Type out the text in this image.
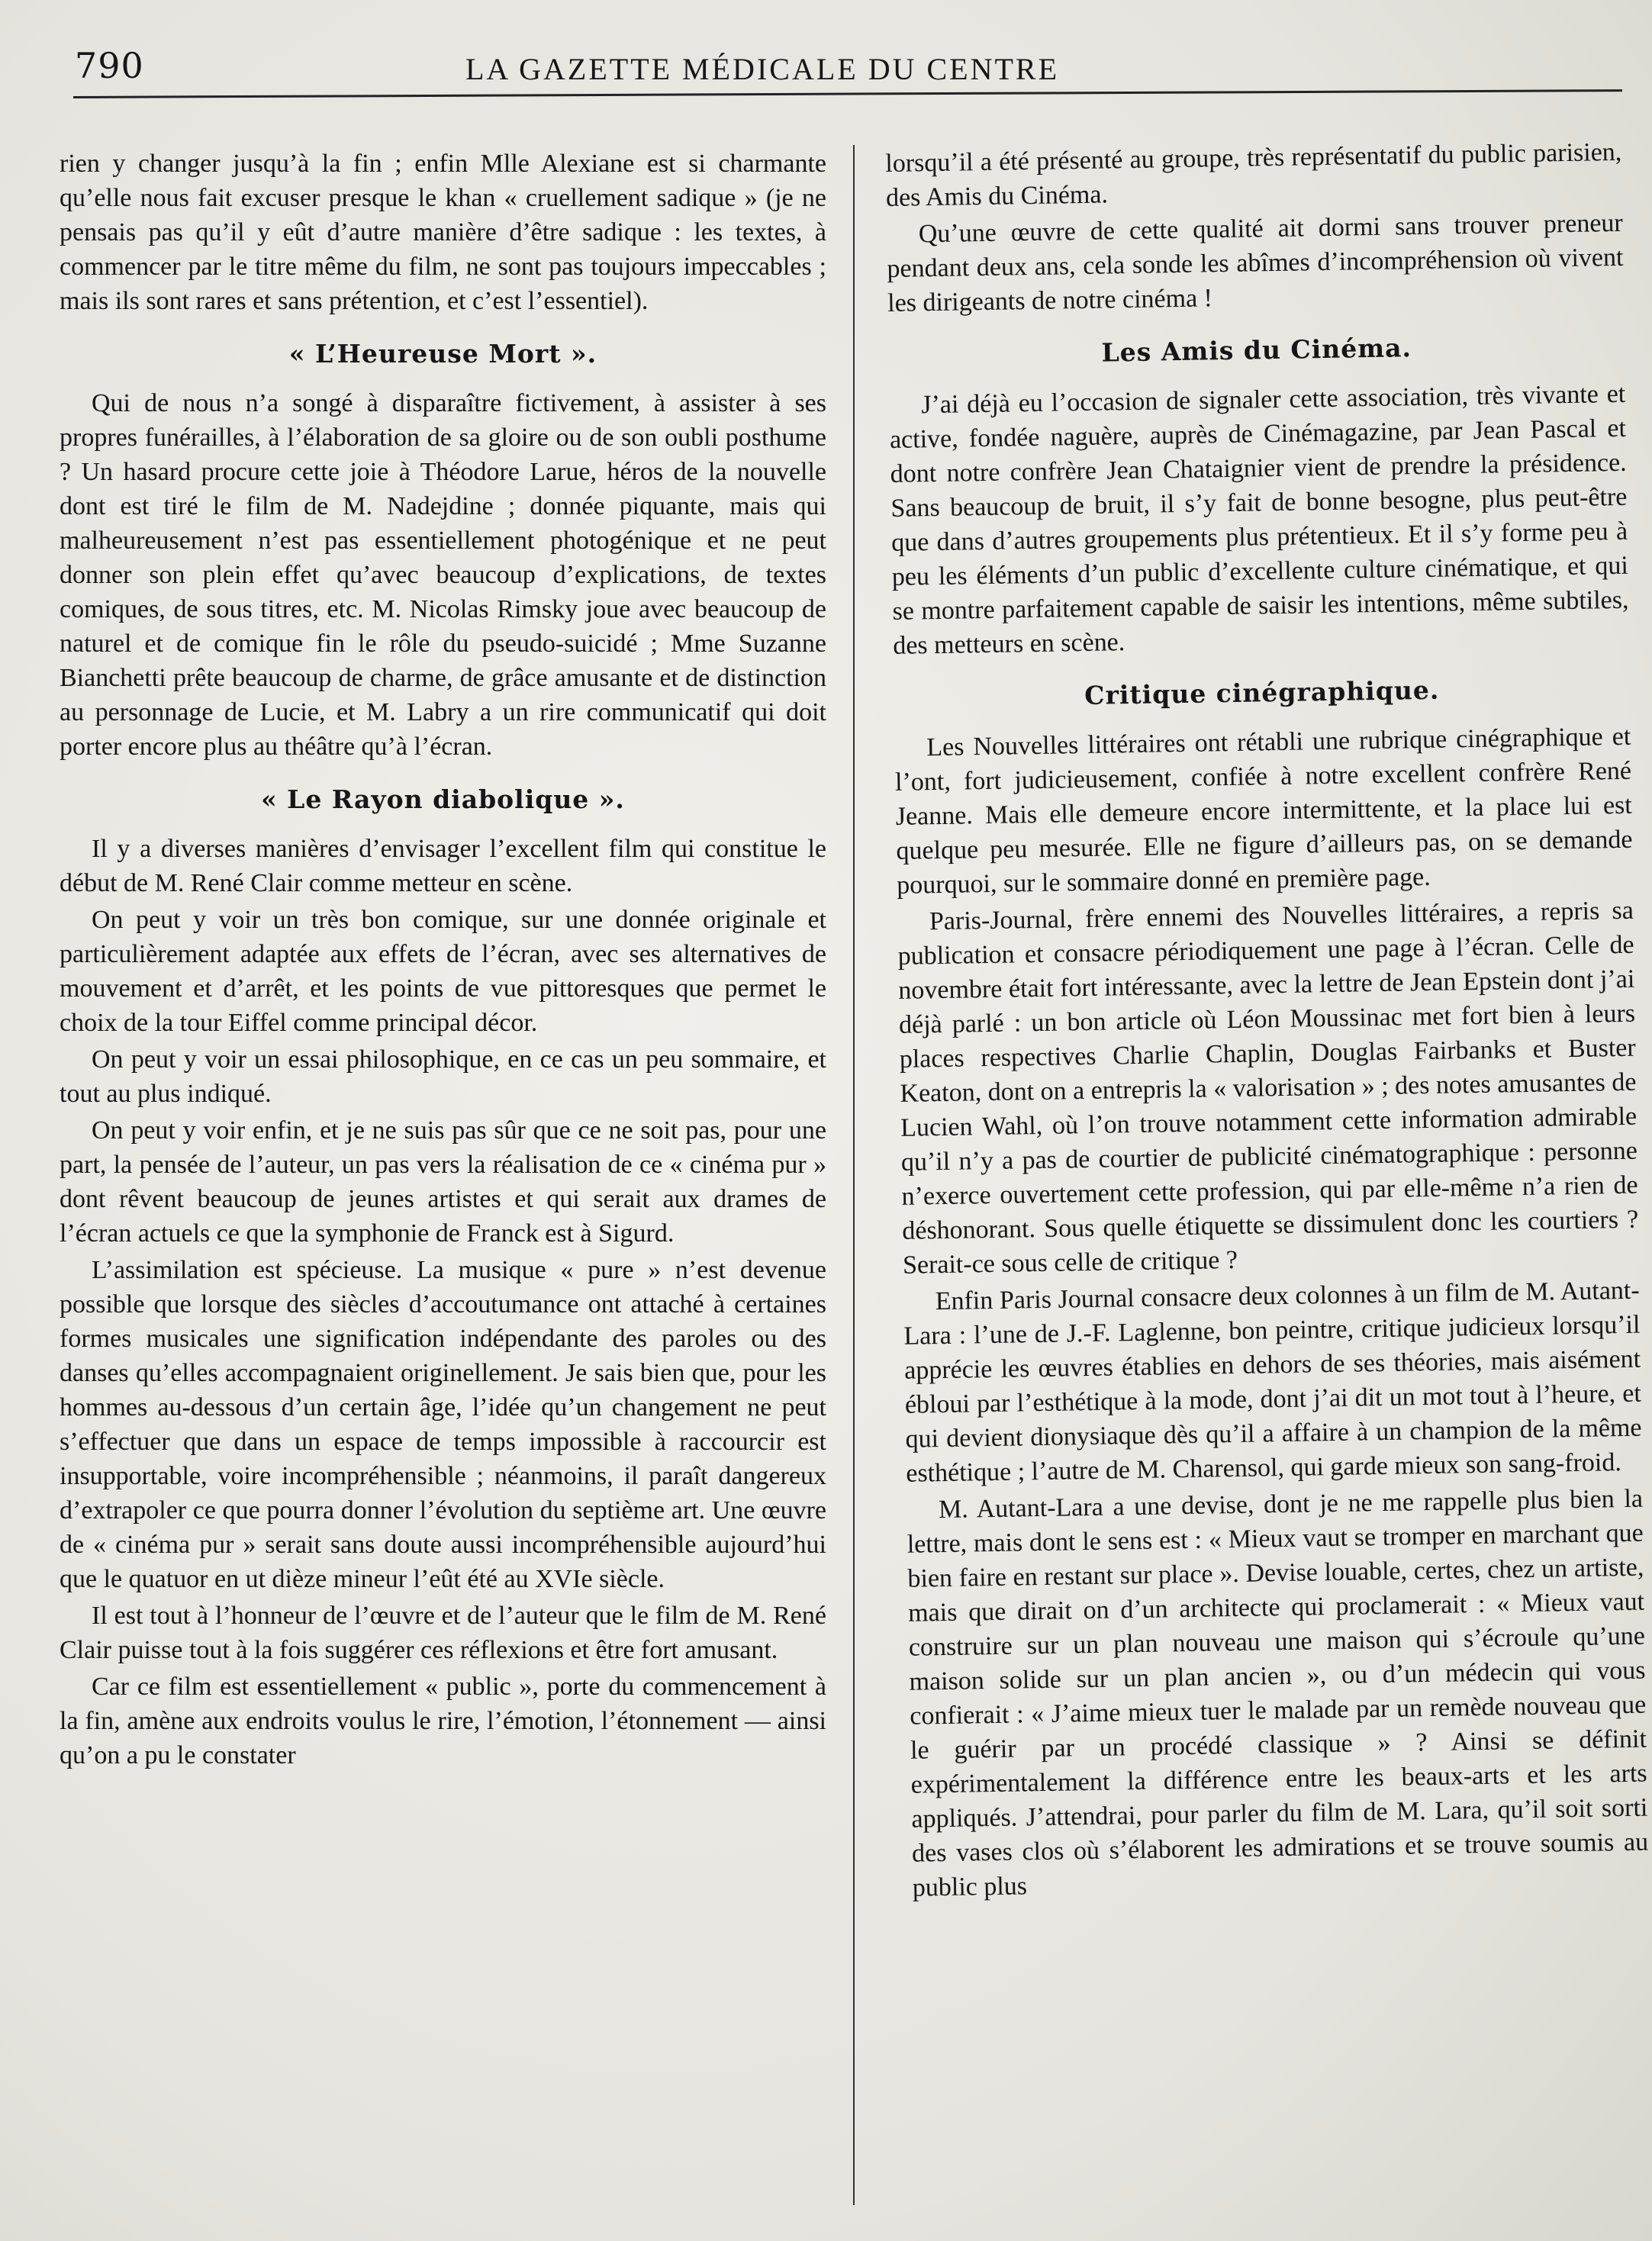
790	LA GAZETTE MÉDICALE DU CENTRE

rien y changer jusqu’à la fin ; enfin Mlle Alexiane est si charmante qu’elle nous fait excuser presque le khan « cruellement sadique » (je ne pensais pas qu’il y eût d’autre manière d’être sadique : les textes, à commencer par le titre même du film, ne sont pas toujours impeccables ; mais ils sont rares et sans prétention, et c’est l’essentiel).

« L’Heureuse Mort ».

Qui de nous n’a songé à disparaître fictivement, à assister à ses propres funérailles, à l’élaboration de sa gloire ou de son oubli posthume ? Un hasard procure cette joie à Théodore Larue, héros de la nouvelle dont est tiré le film de M. Nadejdine ; donnée piquante, mais qui malheureusement n’est pas essentiellement photogénique et ne peut donner son plein effet qu’avec beaucoup d’explications, de textes comiques, de sous titres, etc. M. Nicolas Rimsky joue avec beaucoup de naturel et de comique fin le rôle du pseudo-suicidé ; Mme Suzanne Bianchetti prête beaucoup de charme, de grâce amusante et de distinction au personnage de Lucie, et M. Labry a un rire communicatif qui doit porter encore plus au théâtre qu’à l’écran.

« Le Rayon diabolique ».

Il y a diverses manières d’envisager l’excellent film qui constitue le début de M. René Clair comme metteur en scène.

On peut y voir un très bon comique, sur une donnée originale et particulièrement adaptée aux effets de l’écran, avec ses alternatives de mouvement et d’arrêt, et les points de vue pittoresques que permet le choix de la tour Eiffel comme principal décor.

On peut y voir un essai philosophique, en ce cas un peu sommaire, et tout au plus indiqué.

On peut y voir enfin, et je ne suis pas sûr que ce ne soit pas, pour une part, la pensée de l’auteur, un pas vers la réalisation de ce « cinéma pur » dont rêvent beaucoup de jeunes artistes et qui serait aux drames de l’écran actuels ce que la symphonie de Franck est à Sigurd.

L’assimilation est spécieuse. La musique « pure » n’est devenue possible que lorsque des siècles d’accoutumance ont attaché à certaines formes musicales une signification indépendante des paroles ou des danses qu’elles accompagnaient originellement. Je sais bien que, pour les hommes au-dessous d’un certain âge, l’idée qu’un changement ne peut s’effectuer que dans un espace de temps impossible à raccourcir est insupportable, voire incompréhensible ; néanmoins, il paraît dangereux d’extrapoler ce que pourra donner l’évolution du septième art. Une œuvre de « cinéma pur » serait sans doute aussi incompréhensible aujourd’hui que le quatuor en ut dièze mineur l’eût été au XVIe siècle.

Il est tout à l’honneur de l’œuvre et de l’auteur que le film de M. René Clair puisse tout à la fois suggérer ces réflexions et être fort amusant.

Car ce film est essentiellement « public », porte du commencement à la fin, amène aux endroits voulus le rire, l’émotion, l’étonnement — ainsi qu’on a pu le constater

lorsqu’il a été présenté au groupe, très représentatif du public parisien, des Amis du Cinéma.

Qu’une œuvre de cette qualité ait dormi sans trouver preneur pendant deux ans, cela sonde les abîmes d’incompréhension où vivent les dirigeants de notre cinéma !

Les Amis du Cinéma.

J’ai déjà eu l’occasion de signaler cette association, très vivante et active, fondée naguère, auprès de Cinémagazine, par Jean Pascal et dont notre confrère Jean Chataignier vient de prendre la présidence. Sans beaucoup de bruit, il s’y fait de bonne besogne, plus peut-être que dans d’autres groupements plus prétentieux. Et il s’y forme peu à peu les éléments d’un public d’excellente culture cinématique, et qui se montre parfaitement capable de saisir les intentions, même subtiles, des metteurs en scène.

Critique cinégraphique.

Les Nouvelles littéraires ont rétabli une rubrique cinégraphique et l’ont, fort judicieusement, confiée à notre excellent confrère René Jeanne. Mais elle demeure encore intermittente, et la place lui est quelque peu mesurée. Elle ne figure d’ailleurs pas, on se demande pourquoi, sur le sommaire donné en première page.

Paris-Journal, frère ennemi des Nouvelles littéraires, a repris sa publication et consacre périodiquement une page à l’écran. Celle de novembre était fort intéressante, avec la lettre de Jean Epstein dont j’ai déjà parlé : un bon article où Léon Moussinac met fort bien à leurs places respectives Charlie Chaplin, Douglas Fairbanks et Buster Keaton, dont on a entrepris la « valorisation » ; des notes amusantes de Lucien Wahl, où l’on trouve notamment cette information admirable qu’il n’y a pas de courtier de publicité cinématographique : personne n’exerce ouvertement cette profession, qui par elle-même n’a rien de déshonorant. Sous quelle étiquette se dissimulent donc les courtiers ? Serait-ce sous celle de critique ?

Enfin Paris Journal consacre deux colonnes à un film de M. Autant-Lara : l’une de J.-F. Laglenne, bon peintre, critique judicieux lorsqu’il apprécie les œuvres établies en dehors de ses théories, mais aisément ébloui par l’esthétique à la mode, dont j’ai dit un mot tout à l’heure, et qui devient dionysiaque dès qu’il a affaire à un champion de la même esthétique ; l’autre de M. Charensol, qui garde mieux son sang-froid.

M. Autant-Lara a une devise, dont je ne me rappelle plus bien la lettre, mais dont le sens est : « Mieux vaut se tromper en marchant que bien faire en restant sur place ». Devise louable, certes, chez un artiste, mais que dirait on d’un architecte qui proclamerait : « Mieux vaut construire sur un plan nouveau une maison qui s’écroule qu’une maison solide sur un plan ancien », ou d’un médecin qui vous confierait : « J’aime mieux tuer le malade par un remède nouveau que le guérir par un procédé classique » ? Ainsi se définit expérimentalement la différence entre les beaux-arts et les arts appliqués. J’attendrai, pour parler du film de M. Lara, qu’il soit sorti des vases clos où s’élaborent les admirations et se trouve soumis au public plus
